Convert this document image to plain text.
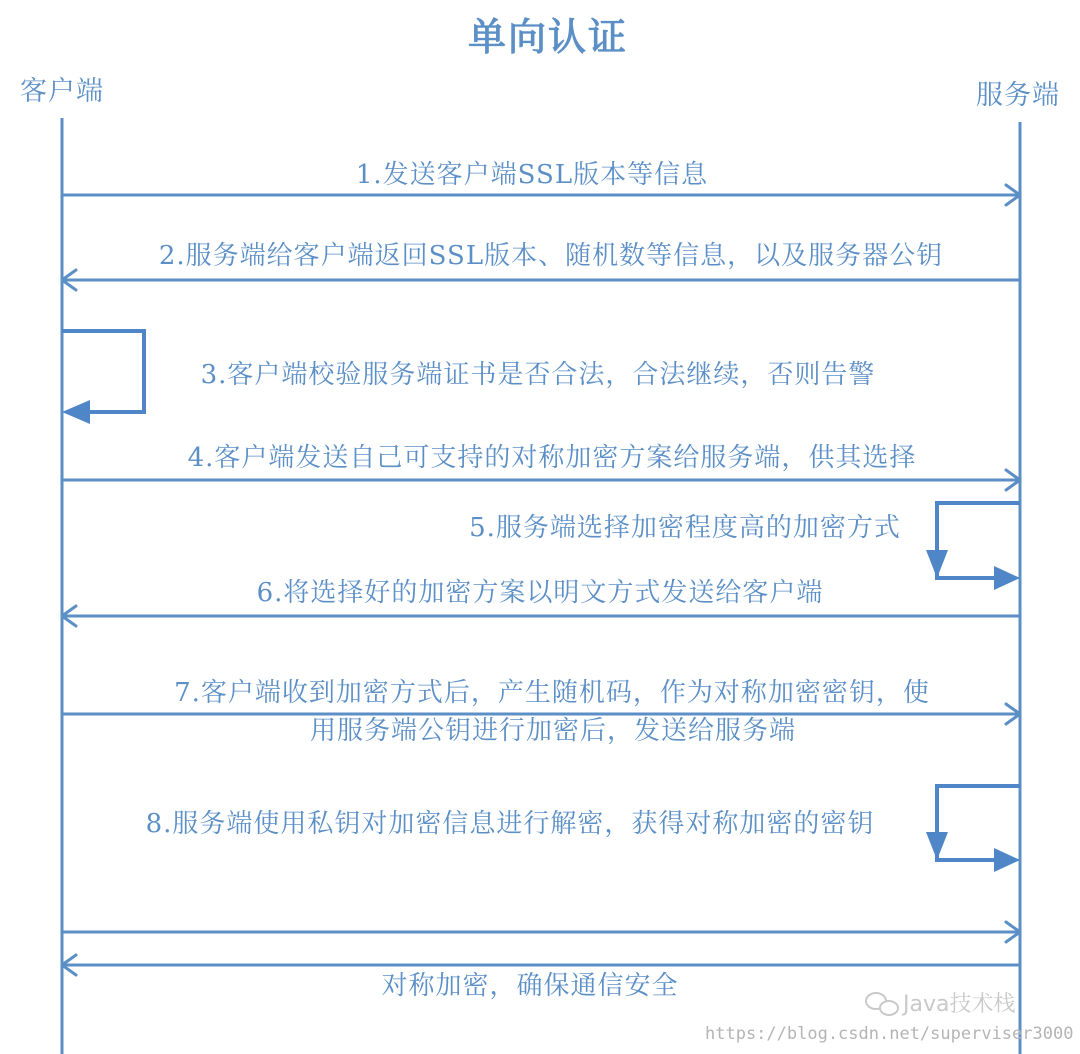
单向认证
客户端	服务端
1.发送客户端SSL版本等信息
2.服务端给客户端返回SSL版本、随机数等信息，以及服务器公钥
3.客户端校验服务端证书是否合法，合法继续，否则告警
4.客户端发送自己可支持的对称加密方案给服务端，供其选择
5.服务端选择加密程度高的加密方式
6.将选择好的加密方案以明文方式发送给客户端
7.客户端收到加密方式后，产生随机码，作为对称加密密钥，使
用服务端公钥进行加密后，发送给服务端
8.服务端使用私钥对加密信息进行解密，获得对称加密的密钥
对称加密，确保通信安全
Java技术栈
https://blog.csdn.net/superviser3000
